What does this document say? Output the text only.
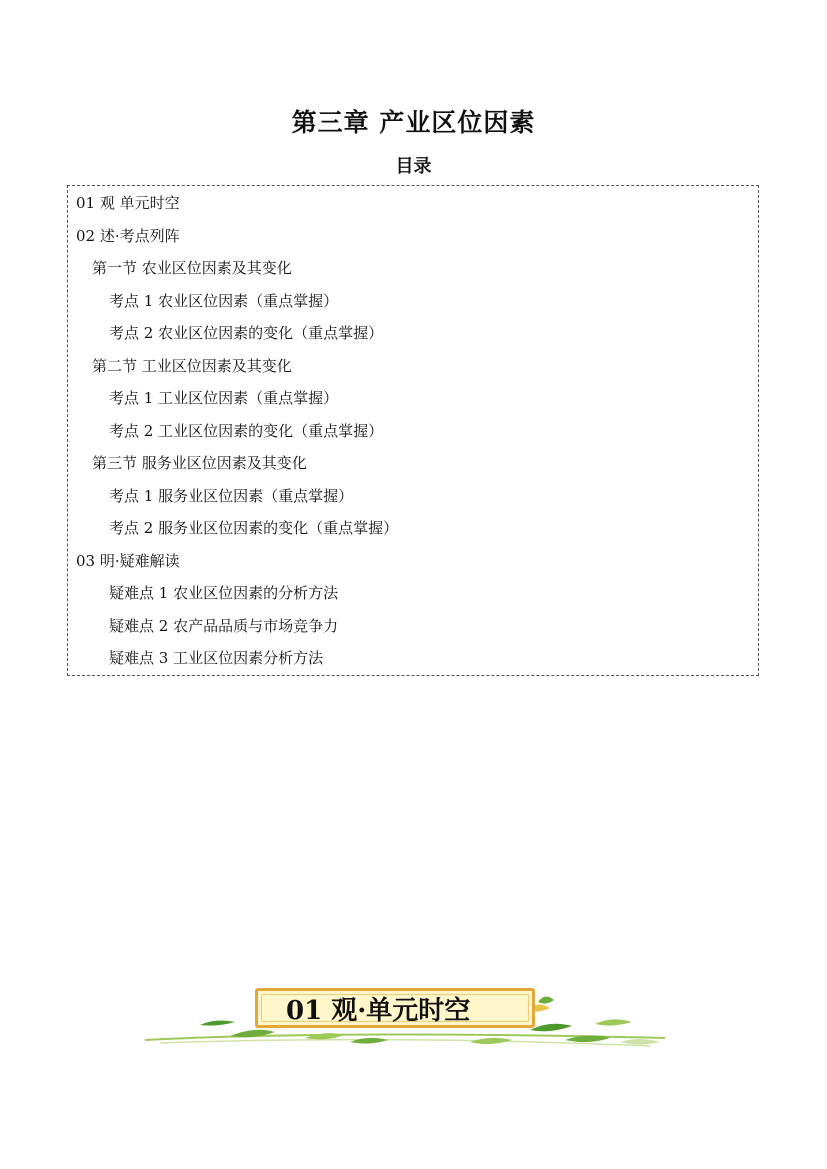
第三章 产业区位因素
目录
01 观 单元时空
02 述·考点列阵
第一节 农业区位因素及其变化
考点 1 农业区位因素（重点掌握）
考点 2 农业区位因素的变化（重点掌握）
第二节 工业区位因素及其变化
考点 1 工业区位因素（重点掌握）
考点 2 工业区位因素的变化（重点掌握）
第三节 服务业区位因素及其变化
考点 1 服务业区位因素（重点掌握）
考点 2 服务业区位因素的变化（重点掌握）
03 明·疑难解读
疑难点 1 农业区位因素的分析方法
疑难点 2 农产品品质与市场竞争力
疑难点 3 工业区位因素分析方法
01 观·单元时空
